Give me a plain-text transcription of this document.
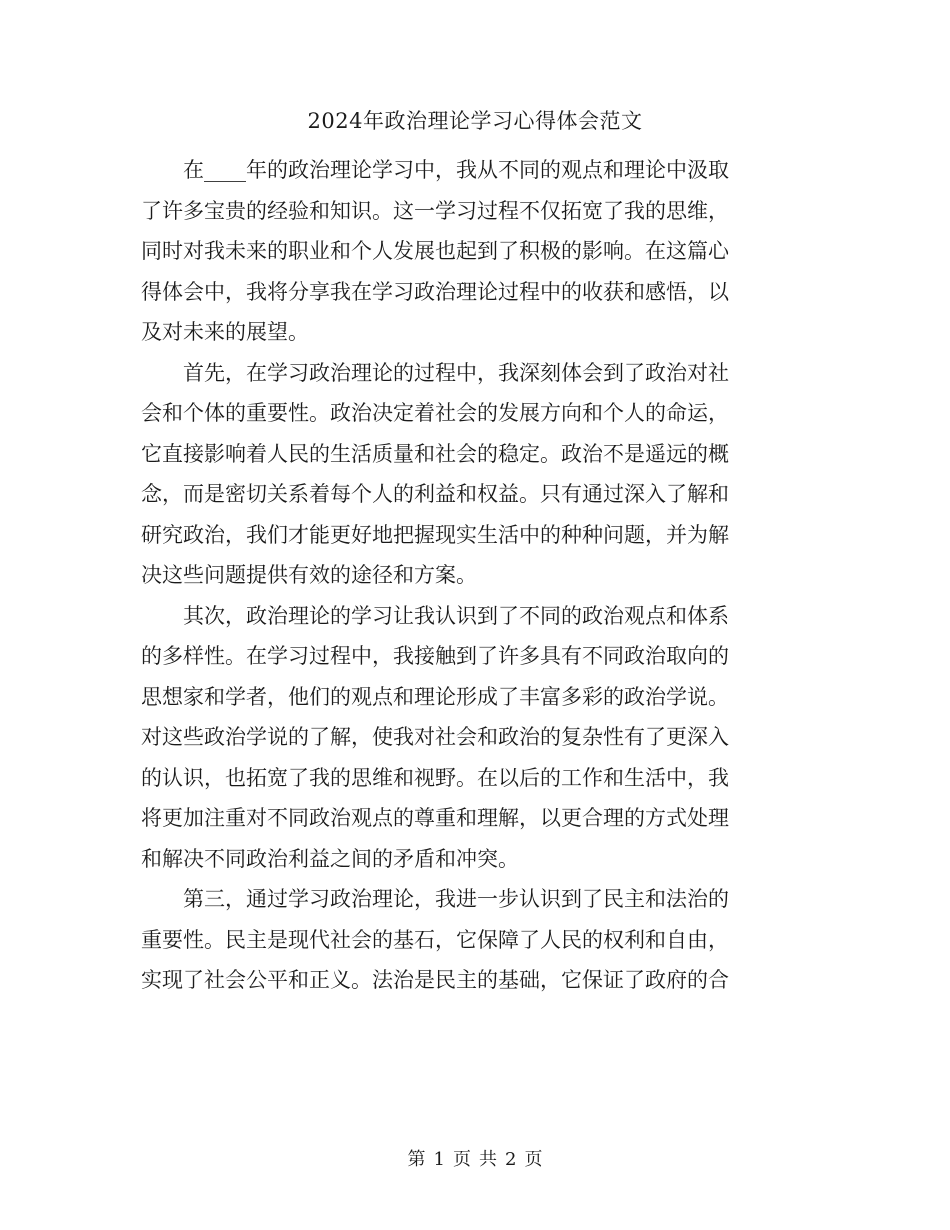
2024年政治理论学习心得体会范文

　　在____年的政治理论学习中，我从不同的观点和理论中汲取
了许多宝贵的经验和知识。这一学习过程不仅拓宽了我的思维，
同时对我未来的职业和个人发展也起到了积极的影响。在这篇心
得体会中，我将分享我在学习政治理论过程中的收获和感悟，以
及对未来的展望。

　　首先，在学习政治理论的过程中，我深刻体会到了政治对社
会和个体的重要性。政治决定着社会的发展方向和个人的命运，
它直接影响着人民的生活质量和社会的稳定。政治不是遥远的概
念，而是密切关系着每个人的利益和权益。只有通过深入了解和
研究政治，我们才能更好地把握现实生活中的种种问题，并为解
决这些问题提供有效的途径和方案。

　　其次，政治理论的学习让我认识到了不同的政治观点和体系
的多样性。在学习过程中，我接触到了许多具有不同政治取向的
思想家和学者，他们的观点和理论形成了丰富多彩的政治学说。
对这些政治学说的了解，使我对社会和政治的复杂性有了更深入
的认识，也拓宽了我的思维和视野。在以后的工作和生活中，我
将更加注重对不同政治观点的尊重和理解，以更合理的方式处理
和解决不同政治利益之间的矛盾和冲突。

　　第三，通过学习政治理论，我进一步认识到了民主和法治的
重要性。民主是现代社会的基石，它保障了人民的权利和自由，
实现了社会公平和正义。法治是民主的基础，它保证了政府的合

第 1 页 共 2 页
